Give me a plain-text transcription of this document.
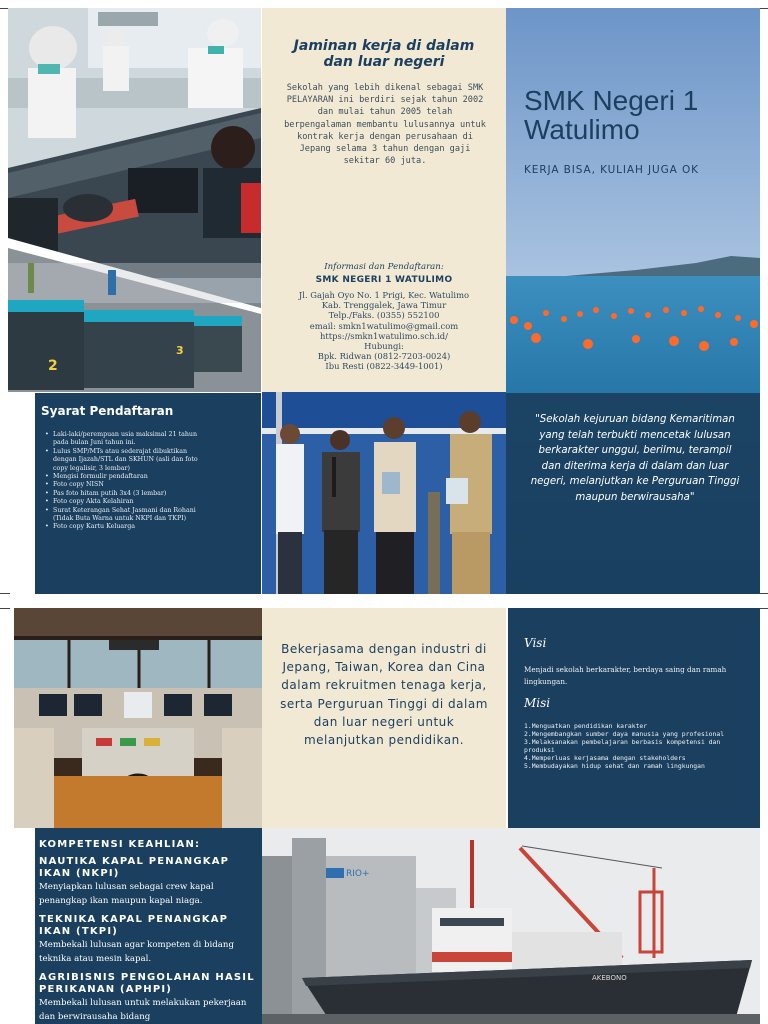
2
3
Jaminan kerja di dalam dan luar negeri
Sekolah yang lebih dikenal sebagai SMK PELAYARAN ini berdiri sejak tahun 2002 dan mulai tahun 2005 telah berpengalaman membantu lulusannya untuk kontrak kerja dengan perusahaan di Jepang selama 3 tahun dengan gaji sekitar 60 juta.
Informasi dan Pendaftaran:
SMK NEGERI 1 WATULIMO
Jl. Gajah Oyo No. 1 Prigi, Kec. Watulimo
Kab. Trenggalek, Jawa Timur
Telp./Faks. (0355) 552100
email: smkn1watulimo@gmail.com
https://smkn1watulimo.sch.id/
Hubungi:
Bpk. Ridwan (0812-7203-0024)
Ibu Resti (0822-3449-1001)
SMK Negeri 1
Watulimo
KERJA BISA, KULIAH JUGA OK
"Sekolah kejuruan bidang Kemaritiman yang telah terbukti mencetak lulusan berkarakter unggul, berilmu, terampil dan diterima kerja di dalam dan luar negeri, melanjutkan ke Perguruan Tinggi maupun berwirausaha"
Syarat Pendaftaran
• Laki-laki/perempuan usia maksimal 21 tahun pada bulan Juni tahun ini.
• Lulus SMP/MTs atau sederajat dibuktikan dengan Ijazah/STL dan SKHUN (asli dan foto copy legalisir, 3 lembar)
• Mengisi formulir pendaftaran
• Foto copy NISN
• Pas foto hitam putih 3x4 (3 lembar)
• Foto copy Akta Kelahiran
• Surat Keterangan Sehat Jasmani dan Rohani (Tidak Buta Warna untuk NKPI dan TKPI)
• Foto copy Kartu Keluarga
Bekerjasama dengan industri di Jepang, Taiwan, Korea dan Cina dalam rekruitmen tenaga kerja, serta Perguruan Tinggi di dalam dan luar negeri untuk melanjutkan pendidikan.
Visi
Menjadi sekolah berkarakter, berdaya saing dan ramah lingkungan.
Misi
1.Menguatkan pendidikan karakter
2.Mengembangkan sumber daya manusia yang profesional
3.Melaksanakan pembelajaran berbasis kompetensi dan produksi
4.Memperluas kerjasama dengan stakeholders
5.Membudayakan hidup sehat dan ramah lingkungan
KOMPETENSI KEAHLIAN:
NAUTIKA KAPAL PENANGKAP IKAN (NKPI)
Menyiapkan lulusan sebagai crew kapal penangkap ikan maupun kapal niaga.
TEKNIKA KAPAL PENANGKAP IKAN (TKPI)
Membekali lulusan agar kompeten di bidang teknika atau mesin kapal.
AGRIBISNIS PENGOLAHAN HASIL PERIKANAN (APHPI)
Membekali lulusan untuk melakukan pekerjaan dan berwirausaha bidang
RIO+
AKEBONO
